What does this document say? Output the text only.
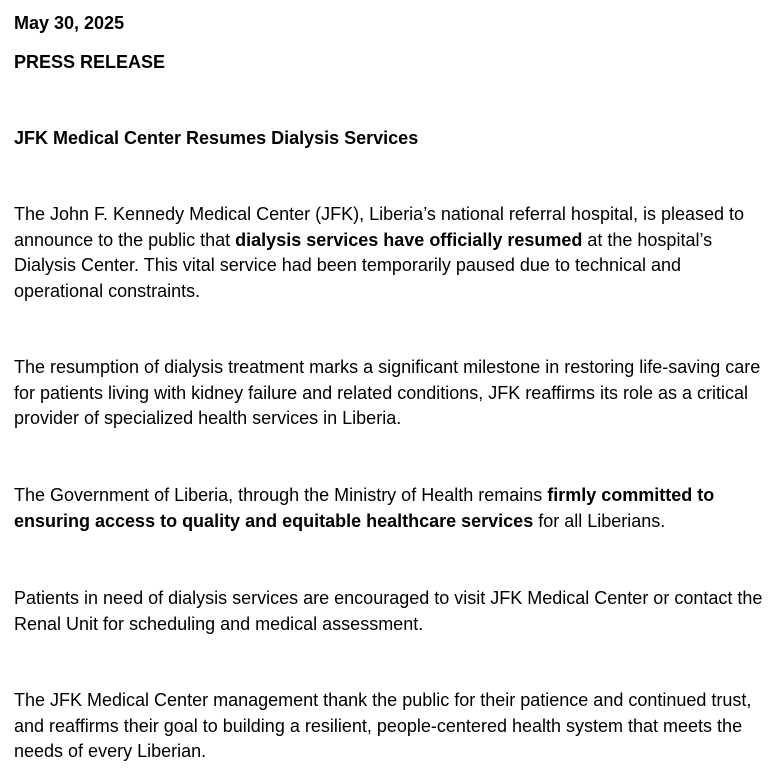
May 30, 2025
PRESS RELEASE
JFK Medical Center Resumes Dialysis Services

The John F. Kennedy Medical Center (JFK), Liberia’s national referral hospital, is pleased to announce to the public that dialysis services have officially resumed at the hospital’s Dialysis Center. This vital service had been temporarily paused due to technical and operational constraints.

The resumption of dialysis treatment marks a significant milestone in restoring life-saving care for patients living with kidney failure and related conditions, JFK reaffirms its role as a critical provider of specialized health services in Liberia.

The Government of Liberia, through the Ministry of Health remains firmly committed to ensuring access to quality and equitable healthcare services for all Liberians.

Patients in need of dialysis services are encouraged to visit JFK Medical Center or contact the Renal Unit for scheduling and medical assessment.

The JFK Medical Center management thank the public for their patience and continued trust, and reaffirms their goal to building a resilient, people-centered health system that meets the needs of every Liberian.
